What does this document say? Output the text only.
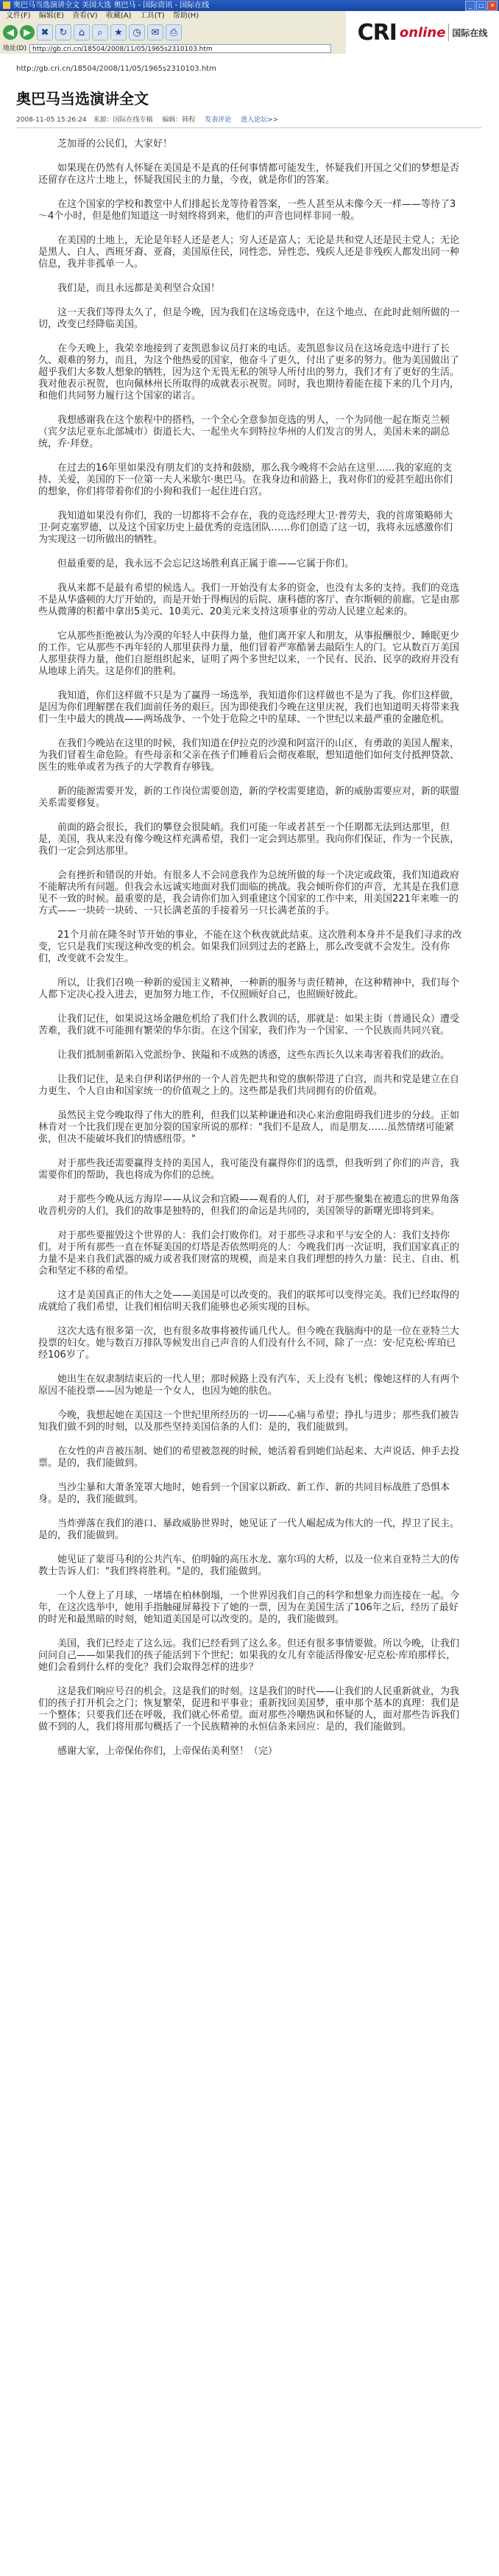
奥巴马当选演讲全文 美国大选 奥巴马 - 国际资讯 - 国际在线	_	□ ✕
文件(F) 编辑(E) 查看(V) 收藏(A) 工具(T) 帮助(H)
◀	▶	✖	↻	⌂	⌕	★	◷	✉	⎙
地址(D) http://gb.cri.cn/18504/2008/11/05/1965s2310103.htm
CRI online 国际在线
http://gb.cri.cn/18504/2008/11/05/1965s2310103.htm
奥巴马当选演讲全文
2008-11-05 15:26:24 来源：国际在线专稿 编辑：韩程 发表评论 进入论坛>>

芝加哥的公民们，大家好！

如果现在仍然有人怀疑在美国是不是真的任何事情都可能发生，怀疑我们开国之父们的梦想是否还留存在这片土地上，怀疑我国民主的力量，今夜，就是你们的答案。

在这个国家的学校和教堂中人们排起长龙等待着答案，一些人甚至从未像今天一样——等待了3～4个小时，但是他们知道这一时刻终将到来，他们的声音也同样非同一般。

在美国的土地上，无论是年轻人还是老人；穷人还是富人；无论是共和党人还是民主党人；无论是黑人、白人、西班牙裔、亚裔，美国原住民，同性恋、异性恋、残疾人还是非残疾人都发出同一种信息，我并非孤单一人。

我们是，而且永远都是美利坚合众国！

这一天我们等得太久了，但是今晚，因为我们在这场竞选中，在这个地点、在此时此刻所做的一切，改变已经降临美国。

在今天晚上，我荣幸地接到了麦凯恩参议员打来的电话。麦凯恩参议员在这场竞选中进行了长久、艰难的努力，而且，为这个他热爱的国家，他奋斗了更久，付出了更多的努力。他为美国做出了超乎我们大多数人想象的牺牲，因为这个无畏无私的领导人所付出的努力，我们才有了更好的生活。我对他表示祝贺，也向佩林州长所取得的成就表示祝贺。同时，我也期待着能在接下来的几个月内，和他们共同努力履行这个国家的诺言。

我想感谢我在这个旅程中的搭档，一个全心全意参加竞选的男人，一个为同他一起在斯克兰顿（宾夕法尼亚东北部城市）街道长大、一起坐火车到特拉华州的人们发言的男人，美国未来的副总统，乔·拜登。

在过去的16年里如果没有朋友们的支持和鼓励，那么我今晚将不会站在这里……我的家庭的支持、关爱，美国的下一位第一夫人米歇尔·奥巴马。在我身边和前路上，我对你们的爱甚至超出你们的想象，你们将带着你们的小狗和我们一起住进白宫。

我知道如果没有你们，我的一切都将不会存在，我的竞选经理大卫·普劳夫，我的首席策略师大卫·阿克塞罗德，以及这个国家历史上最优秀的竞选团队……你们创造了这一切，我将永远感激你们为实现这一切所做出的牺牲。

但最重要的是，我永远不会忘记这场胜利真正属于谁——它属于你们。

我从来都不是最有希望的候选人。我们一开始没有太多的资金，也没有太多的支持。我们的竞选不是从华盛顿的大厅开始的，而是开始于得梅因的后院、康科德的客厅、查尔斯顿的前廊。它是由那些从微薄的积蓄中拿出5美元、10美元、20美元来支持这项事业的劳动人民建立起来的。

它从那些拒绝被认为冷漠的年轻人中获得力量，他们离开家人和朋友，从事报酬很少、睡眠更少的工作。它从那些不再年轻的人那里获得力量，他们冒着严寒酷暑去敲陌生人的门。它从数百万美国人那里获得力量，他们自愿组织起来，证明了两个多世纪以来，一个民有、民治、民享的政府并没有从地球上消失。这是你们的胜利。

我知道，你们这样做不只是为了赢得一场选举，我知道你们这样做也不是为了我。你们这样做，是因为你们理解摆在我们面前任务的艰巨。因为即使我们今晚在这里庆祝，我们也知道明天将带来我们一生中最大的挑战——两场战争、一个处于危险之中的星球、一个世纪以来最严重的金融危机。

在我们今晚站在这里的时候，我们知道在伊拉克的沙漠和阿富汗的山区，有勇敢的美国人醒来，为我们冒着生命危险。有些母亲和父亲在孩子们睡着后会彻夜难眠，想知道他们如何支付抵押贷款、医生的账单或者为孩子的大学教育存够钱。

新的能源需要开发，新的工作岗位需要创造，新的学校需要建造，新的威胁需要应对，新的联盟关系需要修复。

前面的路会很长，我们的攀登会很陡峭。我们可能一年或者甚至一个任期都无法到达那里，但是，美国，我从来没有像今晚这样充满希望，我们一定会到达那里。我向你们保证，作为一个民族，我们一定会到达那里。

会有挫折和错误的开始。有很多人不会同意我作为总统所做的每一个决定或政策，我们知道政府不能解决所有问题。但我会永远诚实地面对我们面临的挑战。我会倾听你们的声音，尤其是在我们意见不一致的时候。最重要的是，我会请你们加入到重建这个国家的工作中来，用美国221年来唯一的方式——一块砖一块砖、一只长满老茧的手接着另一只长满老茧的手。

21个月前在隆冬时节开始的事业，不能在这个秋夜就此结束。这次胜利本身并不是我们寻求的改变，它只是我们实现这种改变的机会。如果我们回到过去的老路上，那么改变就不会发生。没有你们，改变就不会发生。

所以，让我们召唤一种新的爱国主义精神，一种新的服务与责任精神，在这种精神中，我们每个人都下定决心投入进去，更加努力地工作，不仅照顾好自己，也照顾好彼此。

让我们记住，如果说这场金融危机给了我们什么教训的话，那就是：如果主街（普通民众）遭受苦难，我们就不可能拥有繁荣的华尔街。在这个国家，我们作为一个国家、一个民族而共同兴衰。

让我们抵制重新陷入党派纷争、狭隘和不成熟的诱惑，这些东西长久以来毒害着我们的政治。

让我们记住，是来自伊利诺伊州的一个人首先把共和党的旗帜带进了白宫，而共和党是建立在自力更生、个人自由和国家统一的价值观之上的。这些都是我们共同拥有的价值观。

虽然民主党今晚取得了伟大的胜利，但我们以某种谦逊和决心来治愈阻碍我们进步的分歧。正如林肯对一个比我们现在更加分裂的国家所说的那样："我们不是敌人，而是朋友……虽然情绪可能紧张，但决不能破坏我们的情感纽带。"

对于那些我还需要赢得支持的美国人，我可能没有赢得你们的选票，但我听到了你们的声音，我需要你们的帮助，我也将成为你们的总统。

对于那些今晚从远方海岸——从议会和宫殿——观看的人们，对于那些聚集在被遗忘的世界角落收音机旁的人们，我们的故事是独特的，但我们的命运是共同的，美国领导的新曙光即将到来。

对于那些要摧毁这个世界的人：我们会打败你们。对于那些寻求和平与安全的人：我们支持你们。对于所有那些一直在怀疑美国的灯塔是否依然明亮的人：今晚我们再一次证明，我们国家真正的力量不是来自我们武器的威力或者我们财富的规模，而是来自我们理想的持久力量：民主、自由、机会和坚定不移的希望。

这才是美国真正的伟大之处——美国是可以改变的。我们的联邦可以变得完美。我们已经取得的成就给了我们希望，让我们相信明天我们能够也必须实现的目标。

这次大选有很多第一次，也有很多故事将被传诵几代人。但今晚在我脑海中的是一位在亚特兰大投票的妇女。她与数百万排队等候发出自己声音的人们没有什么不同，除了一点：安·尼克松·库珀已经106岁了。

她出生在奴隶制结束后的一代人里；那时候路上没有汽车，天上没有飞机；像她这样的人有两个原因不能投票——因为她是一个女人，也因为她的肤色。

今晚，我想起她在美国这一个世纪里所经历的一切——心痛与希望；挣扎与进步；那些我们被告知我们做不到的时刻，以及那些坚持美国信条的人们：是的，我们能做到。

在女性的声音被压制、她们的希望被忽视的时候，她活着看到她们站起来、大声说话、伸手去投票。是的，我们能做到。

当沙尘暴和大萧条笼罩大地时，她看到一个国家以新政、新工作、新的共同目标战胜了恐惧本身。是的，我们能做到。

当炸弹落在我们的港口、暴政威胁世界时，她见证了一代人崛起成为伟大的一代，捍卫了民主。是的，我们能做到。

她见证了蒙哥马利的公共汽车、伯明翰的高压水龙、塞尔玛的大桥，以及一位来自亚特兰大的传教士告诉人们："我们终将胜利。"是的，我们能做到。

一个人登上了月球，一堵墙在柏林倒塌，一个世界因我们自己的科学和想象力而连接在一起。今年，在这次选举中，她用手指触碰屏幕投下了她的一票，因为在美国生活了106年之后，经历了最好的时光和最黑暗的时刻，她知道美国是可以改变的。是的，我们能做到。

美国，我们已经走了这么远。我们已经看到了这么多。但还有很多事情要做。所以今晚，让我们问问自己——如果我们的孩子能活到下个世纪；如果我的女儿有幸能活得像安·尼克松·库珀那样长，她们会看到什么样的变化？我们会取得怎样的进步？

这是我们响应号召的机会。这是我们的时刻。这是我们的时代——让我们的人民重新就业，为我们的孩子打开机会之门；恢复繁荣，促进和平事业；重新找回美国梦，重申那个基本的真理：我们是一个整体；只要我们还在呼吸，我们就心怀希望。面对那些冷嘲热讽和怀疑的人，面对那些告诉我们做不到的人，我们将用那句概括了一个民族精神的永恒信条来回应：是的，我们能做到。

感谢大家，上帝保佑你们，上帝保佑美利坚！（完）
